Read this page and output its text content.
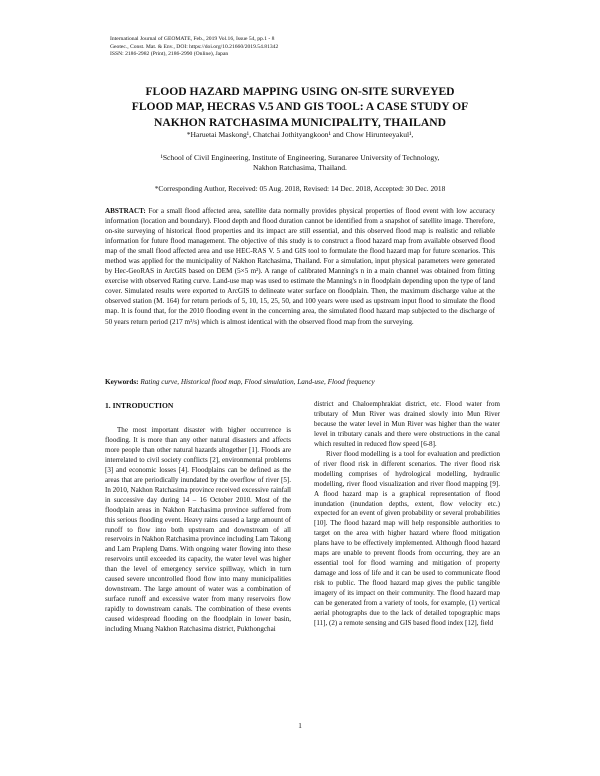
International Journal of GEOMATE, Feb., 2019 Vol.16, Issue 54, pp.1 - 8
Geotec., Const. Mat. & Env., DOI: https://doi.org/10.21660/2019.54.81342
ISSN: 2186-2982 (Print), 2186-2990 (Online), Japan
FLOOD HAZARD MAPPING USING ON-SITE SURVEYED
FLOOD MAP, HECRAS V.5 AND GIS TOOL: A CASE STUDY OF
NAKHON RATCHASIMA MUNICIPALITY, THAILAND
*Haruetai Maskong¹, Chatchai Jothityangkoon¹ and Chow Hirunteeyakul¹,
¹School of Civil Engineering, Institute of Engineering, Suranaree University of Technology,
Nakhon Ratchasima, Thailand.
*Corresponding Author, Received: 05 Aug. 2018, Revised: 14 Dec. 2018, Accepted: 30 Dec. 2018
ABSTRACT: For a small flood affected area, satellite data normally provides physical properties of flood event with low accuracy information (location and boundary). Flood depth and flood duration cannot be identified from a snapshot of satellite image. Therefore, on-site surveying of historical flood properties and its impact are still essential, and this observed flood map is realistic and reliable information for future flood management. The objective of this study is to construct a flood hazard map from available observed flood map of the small flood affected area and use HEC-RAS V. 5 and GIS tool to formulate the flood hazard map for future scenarios. This method was applied for the municipality of Nakhon Ratchasima, Thailand. For a simulation, input physical parameters were generated by Hec-GeoRAS in ArcGIS based on DEM (5×5 m²). A range of calibrated Manning's n in a main channel was obtained from fitting exercise with observed Rating curve. Land-use map was used to estimate the Manning's n in floodplain depending upon the type of land cover. Simulated results were exported to ArcGIS to delineate water surface on floodplain. Then, the maximum discharge value at the observed station (M. 164) for return periods of 5, 10, 15, 25, 50, and 100 years were used as upstream input flood to simulate the flood map. It is found that, for the 2010 flooding event in the concerning area, the simulated flood hazard map subjected to the discharge of 50 years return period (217 m³/s) which is almost identical with the observed flood map from the surveying.
Keywords: Rating curve, Historical flood map, Flood simulation, Land-use, Flood frequency
1. INTRODUCTION

The most important disaster with higher occurrence is flooding. It is more than any other natural disasters and affects more people than other natural hazards altogether [1]. Floods are interrelated to civil society conflicts [2], environmental problems [3] and economic losses [4]. Floodplains can be defined as the areas that are periodically inundated by the overflow of river [5]. In 2010, Nakhon Ratchasima province received excessive rainfall in successive day during 14 – 16 October 2010. Most of the floodplain areas in Nakhon Ratchasima province suffered from this serious flooding event. Heavy rains caused a large amount of runoff to flow into both upstream and downstream of all reservoirs in Nakhon Ratchasima province including Lam Takong and Lam Prapleng Dams. With ongoing water flowing into these reservoirs until exceeded its capacity, the water level was higher than the level of emergency service spillway, which in turn caused severe uncontrolled flood flow into many municipalities downstream. The large amount of water was a combination of surface runoff and excessive water from many reservoirs flow rapidly to downstream canals. The combination of these events caused widespread flooding on the floodplain in lower basin, including Muang Nakhon Ratchasima district, Pukthongchai

district and Chaloemphrakiat district, etc. Flood water from tributary of Mun River was drained slowly into Mun River because the water level in Mun River was higher than the water level in tributary canals and there were obstructions in the canal which resulted in reduced flow speed [6-8].

River flood modelling is a tool for evaluation and prediction of river flood risk in different scenarios. The river flood risk modelling comprises of hydrological modelling, hydraulic modelling, river flood visualization and river flood mapping [9]. A flood hazard map is a graphical representation of flood inundation (inundation depths, extent, flow velocity etc.) expected for an event of given probability or several probabilities [10]. The flood hazard map will help responsible authorities to target on the area with higher hazard where flood mitigation plans have to be effectively implemented. Although flood hazard maps are unable to prevent floods from occurring, they are an essential tool for flood warning and mitigation of property damage and loss of life and it can be used to communicate flood risk to public. The flood hazard map gives the public tangible imagery of its impact on their community. The flood hazard map can be generated from a variety of tools, for example, (1) vertical aerial photographs due to the lack of detailed topographic maps [11], (2) a remote sensing and GIS based flood index [12], field

1
